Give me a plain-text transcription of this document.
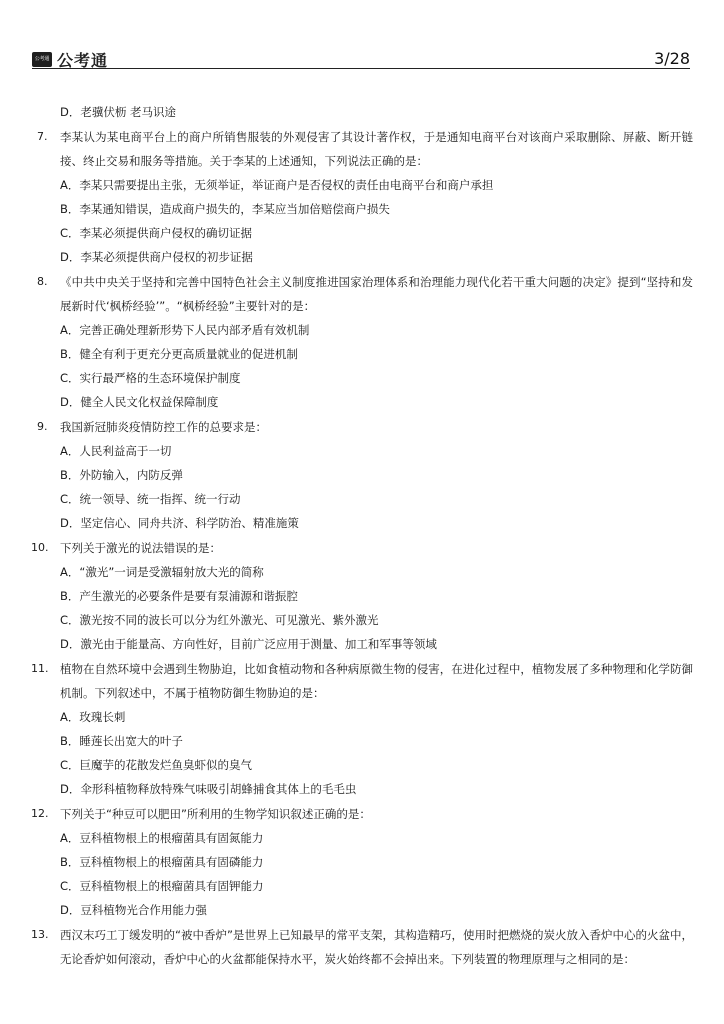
公考通 公考通	3/28
D．老骥伏枥 老马识途
7.	李某认为某电商平台上的商户所销售服装的外观侵害了其设计著作权，于是通知电商平台对该商户采取删除、屏蔽、断开链接、终止交易和服务等措施。关于李某的上述通知，下列说法正确的是：
A．李某只需要提出主张，无须举证，举证商户是否侵权的责任由电商平台和商户承担
B．李某通知错误，造成商户损失的，李某应当加倍赔偿商户损失
C．李某必须提供商户侵权的确切证据
D．李某必须提供商户侵权的初步证据
8.	《中共中央关于坚持和完善中国特色社会主义制度推进国家治理体系和治理能力现代化若干重大问题的决定》提到“坚持和发展新时代‘枫桥经验’”。“枫桥经验”主要针对的是：
A．完善正确处理新形势下人民内部矛盾有效机制
B．健全有利于更充分更高质量就业的促进机制
C．实行最严格的生态环境保护制度
D．健全人民文化权益保障制度
9.	我国新冠肺炎疫情防控工作的总要求是：
A．人民利益高于一切
B．外防输入，内防反弹
C．统一领导、统一指挥、统一行动
D．坚定信心、同舟共济、科学防治、精准施策
10.	下列关于激光的说法错误的是：
A．“激光”一词是受激辐射放大光的简称
B．产生激光的必要条件是要有泵浦源和谐振腔
C．激光按不同的波长可以分为红外激光、可见激光、紫外激光
D．激光由于能量高、方向性好，目前广泛应用于测量、加工和军事等领域
11.	植物在自然环境中会遇到生物胁迫，比如食植动物和各种病原微生物的侵害，在进化过程中，植物发展了多种物理和化学防御机制。下列叙述中，不属于植物防御生物胁迫的是：
A．玫瑰长刺
B．睡莲长出宽大的叶子
C．巨魔芋的花散发烂鱼臭虾似的臭气
D．伞形科植物释放特殊气味吸引胡蜂捕食其体上的毛毛虫
12.	下列关于“种豆可以肥田”所利用的生物学知识叙述正确的是：
A．豆科植物根上的根瘤菌具有固氮能力
B．豆科植物根上的根瘤菌具有固磷能力
C．豆科植物根上的根瘤菌具有固钾能力
D．豆科植物光合作用能力强
13.	西汉末巧工丁缓发明的“被中香炉”是世界上已知最早的常平支架，其构造精巧，使用时把燃烧的炭火放入香炉中心的火盆中，无论香炉如何滚动，香炉中心的火盆都能保持水平，炭火始终都不会掉出来。下列装置的物理原理与之相同的是：
